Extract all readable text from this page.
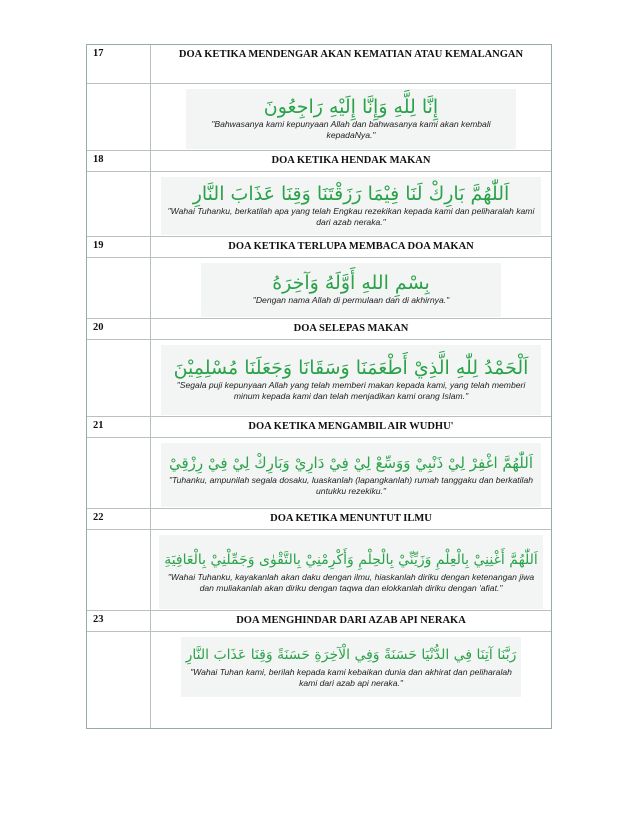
17	DOA KETIKA MENDENGAR AKAN KEMATIAN ATAU KEMALANGAN
إِنَّا لِلَّهِ وَإِنَّا إِلَيْهِ رَاجِعُونَ
"Bahwasanya kami kepunyaan Allah dan bahwasanya kami akan kembali kepadaNya."
18	DOA KETIKA HENDAK MAKAN
اَللّٰهُمَّ بَارِكْ لَنَا فِيْمَا رَزَقْتَنَا وَقِنَا عَذَابَ النَّارِ
"Wahai Tuhanku, berkatilah apa yang telah Engkau rezekikan kepada kami dan peliharalah kami dari azab neraka."
19	DOA KETIKA TERLUPA MEMBACA DOA MAKAN
بِسْمِ اللهِ أَوَّلَهُ وَآخِرَهُ
"Dengan nama Allah di permulaan dan di akhirnya."
20	DOA SELEPAS MAKAN
اَلْحَمْدُ لِلّٰهِ الَّذِيْ أَطْعَمَنَا وَسَقَانَا وَجَعَلَنَا مُسْلِمِيْنَ
"Segala puji kepunyaan Allah yang telah memberi makan kepada kami, yang telah memberi minum kepada kami dan telah menjadikan kami orang Islam."
21	DOA KETIKA MENGAMBIL AIR WUDHU'
اَللّٰهُمَّ اغْفِرْ لِيْ ذَنْبِيْ وَوَسِّعْ لِيْ فِيْ دَارِيْ وَبَارِكْ لِيْ فِيْ رِزْقِيْ
"Tuhanku, ampunilah segala dosaku, luaskanlah (lapangkanlah) rumah tanggaku dan berkatilah untukku rezekiku."
22	DOA KETIKA MENUNTUT ILMU
اَللّٰهُمَّ أَغْنِنِيْ بِالْعِلْمِ وَزَيِّنِّيْ بِالْحِلْمِ وَأَكْرِمْنِيْ بِالتَّقْوٰى وَجَمِّلْنِيْ بِالْعَافِيَةِ
"Wahai Tuhanku, kayakanlah akan daku dengan ilmu, hiaskanlah diriku dengan ketenangan jiwa dan muliakanlah akan diriku dengan taqwa dan elokkanlah diriku dengan 'afiat."
23	DOA MENGHINDAR DARI AZAB API NERAKA
رَبَّنَا آتِنَا فِي الدُّنْيَا حَسَنَةً وَفِي الْآخِرَةِ حَسَنَةً وَقِنَا عَذَابَ النَّارِ
"Wahai Tuhan kami, berilah kepada kami kebaikan dunia dan akhirat dan peliharalah kami dari azab api neraka."
